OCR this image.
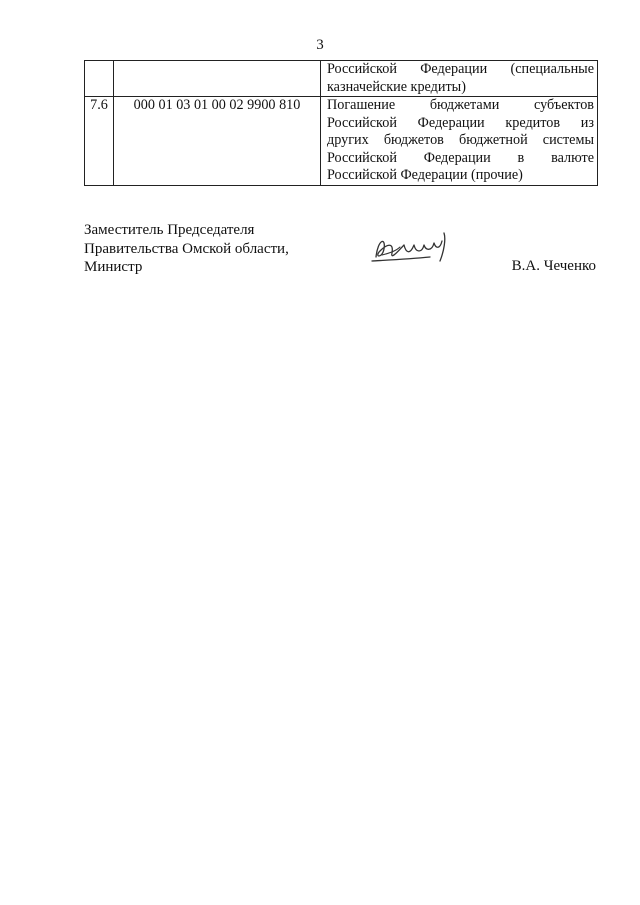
3

		Российской Федерации (специальные
казначейские кредиты)

7.6	000 01 03 01 00 02 9900 810	Погашение бюджетами субъектов
Российской Федерации кредитов из
других бюджетов бюджетной системы
Российской Федерации в валюте
Российской Федерации (прочие)
Заместитель Председателя
Правительства Омской области,
Министр	В.А. Чеченко
